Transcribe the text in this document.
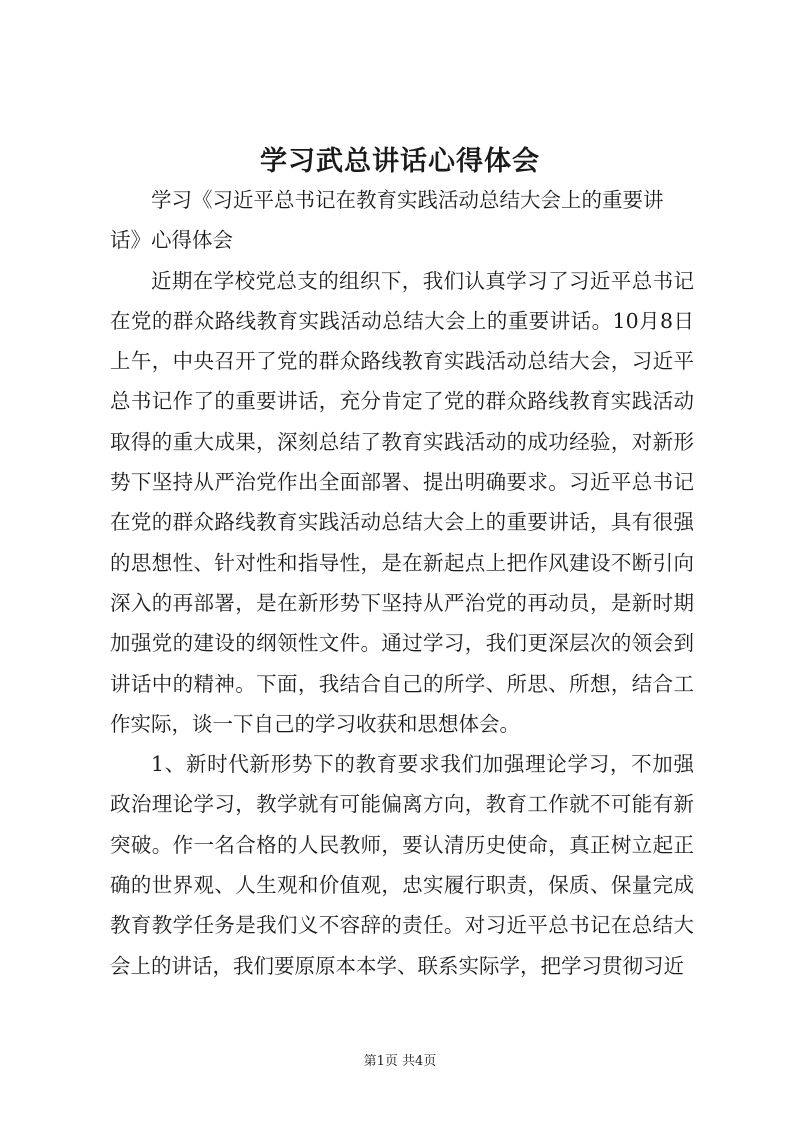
学习武总讲话心得体会

学习《习近平总书记在教育实践活动总结大会上的重要讲话》心得体会

近期在学校党总支的组织下，我们认真学习了习近平总书记在党的群众路线教育实践活动总结大会上的重要讲话。10月8日上午，中央召开了党的群众路线教育实践活动总结大会，习近平总书记作了的重要讲话，充分肯定了党的群众路线教育实践活动取得的重大成果，深刻总结了教育实践活动的成功经验，对新形势下坚持从严治党作出全面部署、提出明确要求。习近平总书记在党的群众路线教育实践活动总结大会上的重要讲话，具有很强的思想性、针对性和指导性，是在新起点上把作风建设不断引向深入的再部署，是在新形势下坚持从严治党的再动员，是新时期加强党的建设的纲领性文件。通过学习，我们更深层次的领会到讲话中的精神。下面，我结合自己的所学、所思、所想，结合工作实际，谈一下自己的学习收获和思想体会。

1、新时代新形势下的教育要求我们加强理论学习，不加强政治理论学习，教学就有可能偏离方向，教育工作就不可能有新突破。作一名合格的人民教师，要认清历史使命，真正树立起正确的世界观、人生观和价值观，忠实履行职责，保质、保量完成教育教学任务是我们义不容辞的责任。对习近平总书记在总结大会上的讲话，我们要原原本本学、联系实际学，把学习贯彻习近

第1页 共4页
